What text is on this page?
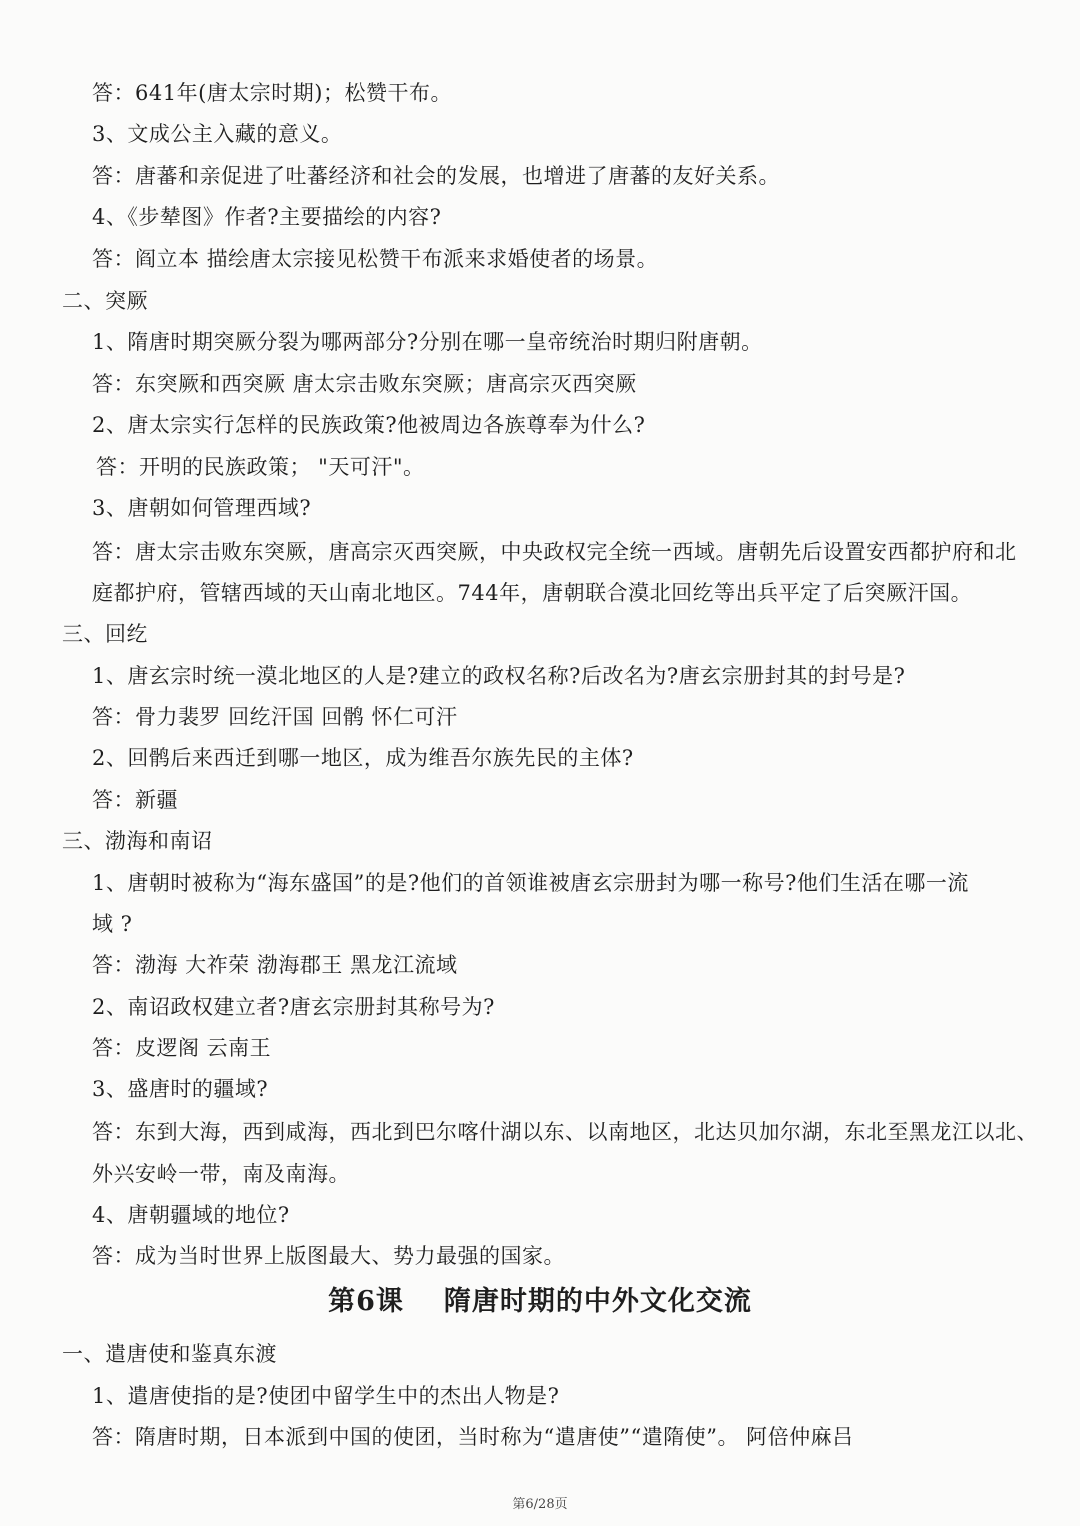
答：641年(唐太宗时期)；松赞干布。
3、文成公主入藏的意义。
答：唐蕃和亲促进了吐蕃经济和社会的发展，也增进了唐蕃的友好关系。
4、《步辇图》作者?主要描绘的内容?
答：阎立本 描绘唐太宗接见松赞干布派来求婚使者的场景。
二、突厥
1、隋唐时期突厥分裂为哪两部分?分别在哪一皇帝统治时期归附唐朝。
答：东突厥和西突厥 唐太宗击败东突厥；唐高宗灭西突厥
2、唐太宗实行怎样的民族政策?他被周边各族尊奉为什么?
答：开明的民族政策； "天可汗"。
3、唐朝如何管理西域?
答：唐太宗击败东突厥，唐高宗灭西突厥，中央政权完全统一西域。唐朝先后设置安西都护府和北
庭都护府，管辖西域的天山南北地区。744年，唐朝联合漠北回纥等出兵平定了后突厥汗国。
三、回纥
1、唐玄宗时统一漠北地区的人是?建立的政权名称?后改名为?唐玄宗册封其的封号是?
答：骨力裴罗 回纥汗国 回鹘 怀仁可汗
2、回鹘后来西迁到哪一地区，成为维吾尔族先民的主体?
答：新疆
三、渤海和南诏
1、唐朝时被称为“海东盛国”的是?他们的首领谁被唐玄宗册封为哪一称号?他们生活在哪一流
域 ?
答：渤海 大祚荣 渤海郡王 黑龙江流域
2、南诏政权建立者?唐玄宗册封其称号为?
答：皮逻阁 云南王
3、盛唐时的疆域?
答：东到大海，西到咸海，西北到巴尔喀什湖以东、以南地区，北达贝加尔湖，东北至黑龙江以北、
外兴安岭一带，南及南海。
4、唐朝疆域的地位?
答：成为当时世界上版图最大、势力最强的国家。
第6课 隋唐时期的中外文化交流
一、遣唐使和鉴真东渡
1、遣唐使指的是?使团中留学生中的杰出人物是?
答：隋唐时期，日本派到中国的使团，当时称为“遣唐使”“遣隋使”。 阿倍仲麻吕
第6/28页
